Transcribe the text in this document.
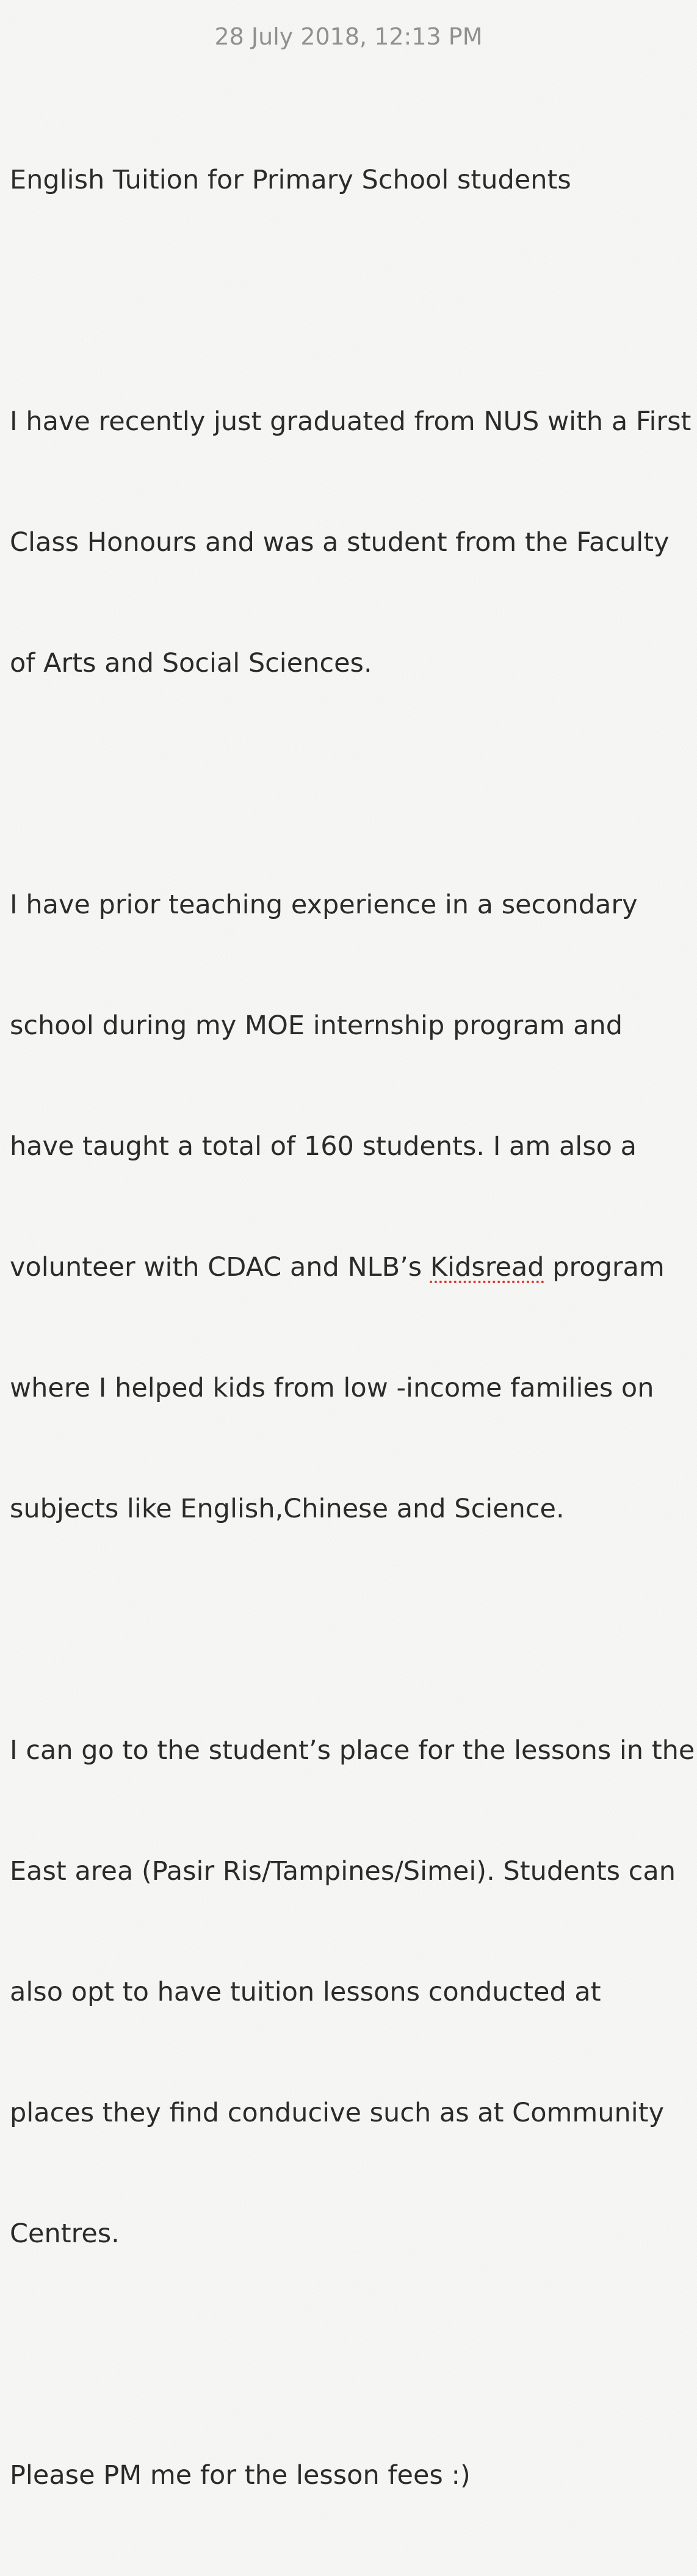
28 July 2018, 12:13 PM

English Tuition for Primary School students

I have recently just graduated from NUS with a First

Class Honours and was a student from the Faculty

of Arts and Social Sciences.

I have prior teaching experience in a secondary

school during my MOE internship program and

have taught a total of 160 students. I am also a

volunteer with CDAC and NLB’s Kidsread program

where I helped kids from low -income families on

subjects like English,Chinese and Science.

I can go to the student’s place for the lessons in the

East area (Pasir Ris/Tampines/Simei). Students can

also opt to have tuition lessons conducted at

places they find conducive such as at Community

Centres.

Please PM me for the lesson fees :)
